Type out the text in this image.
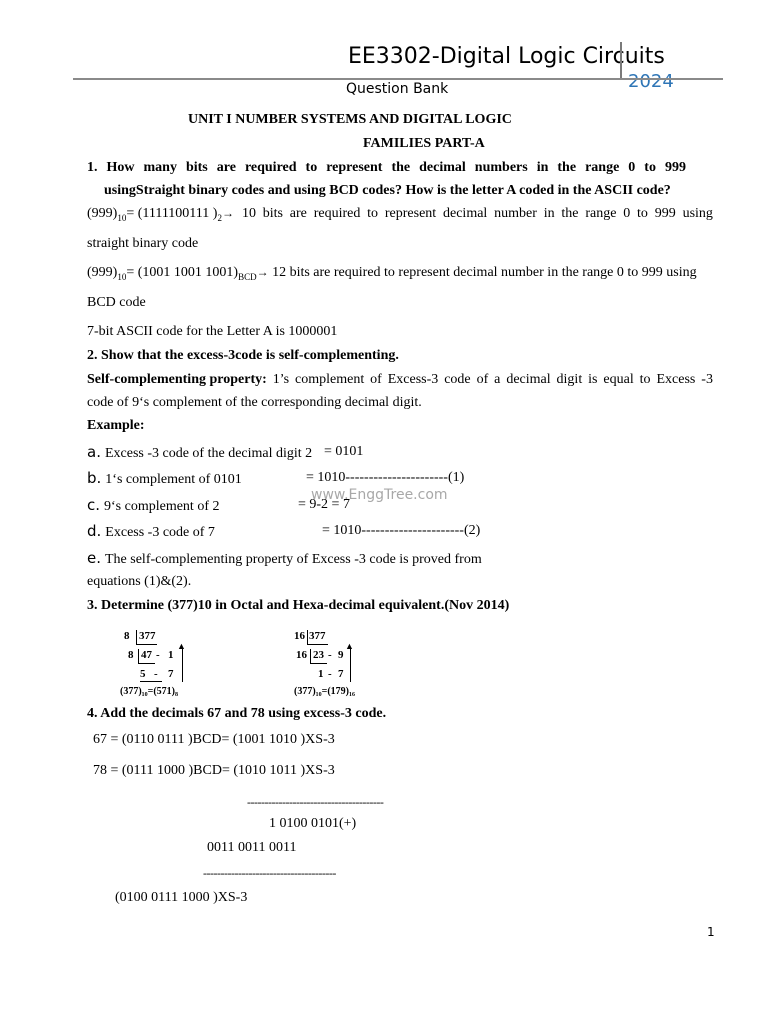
EE3302-Digital Logic Circuits
2024
Question Bank
UNIT I NUMBER SYSTEMS AND DIGITAL LOGIC
FAMILIES PART-A
1. How many bits are required to represent the decimal numbers in the range 0 to 999
usingStraight binary codes and using BCD codes? How is the letter A coded in the ASCII code?
$(999)_{10}= (1111100111$ )$_2\to 10$ bits are required to represent decimal number in the range 0 to 999 using
straight binary code
$(999)_{10}= (1001$ 1001 $1001)_{BCD}\to 12$ bits are required to represent decimal number in the range 0 to 999 using
BCD code
7-bit ASCII code for the Letter A is 1000001
2. Show that the excess-3code is self-complementing.
Self-complementing property: 1’s complement of Excess-3 code of a decimal digit is equal to Excess -3
code of 9‘s complement of the corresponding decimal digit.
Example:
a. Excess -3 code of the decimal digit 2 = 0101
b. 1‘s complement of 0101	= 1010----------------------(1)
www.EnggTree.com
c. 9‘s complement of 2	= 9-2 = 7
d. Excess -3 code of 7	= 1010----------------------(2)
e. The self-complementing property of Excess -3 code is proved from
equations (1)&(2).
3. Determine (377)10 in Octal and Hexa-decimal equivalent.(Nov 2014)
8 377
8 47 - 1
5 - 7
▲
(377)₁₀=(571)₈
16 377
16 23 - 9
1 - 7
▲
(377)₁₀=(179)₁₆
4. Add the decimals 67 and 78 using excess-3 code.
67 = (0110 0111 )BCD= (1001 1010 )XS-3
78 = (0111 1000 )BCD= (1010 1011 )XS-3
---------------------------------------
1 0100 0101(+)
0011 0011 0011
--------------------------------------
(0100 0111 1000 )XS-3
1
